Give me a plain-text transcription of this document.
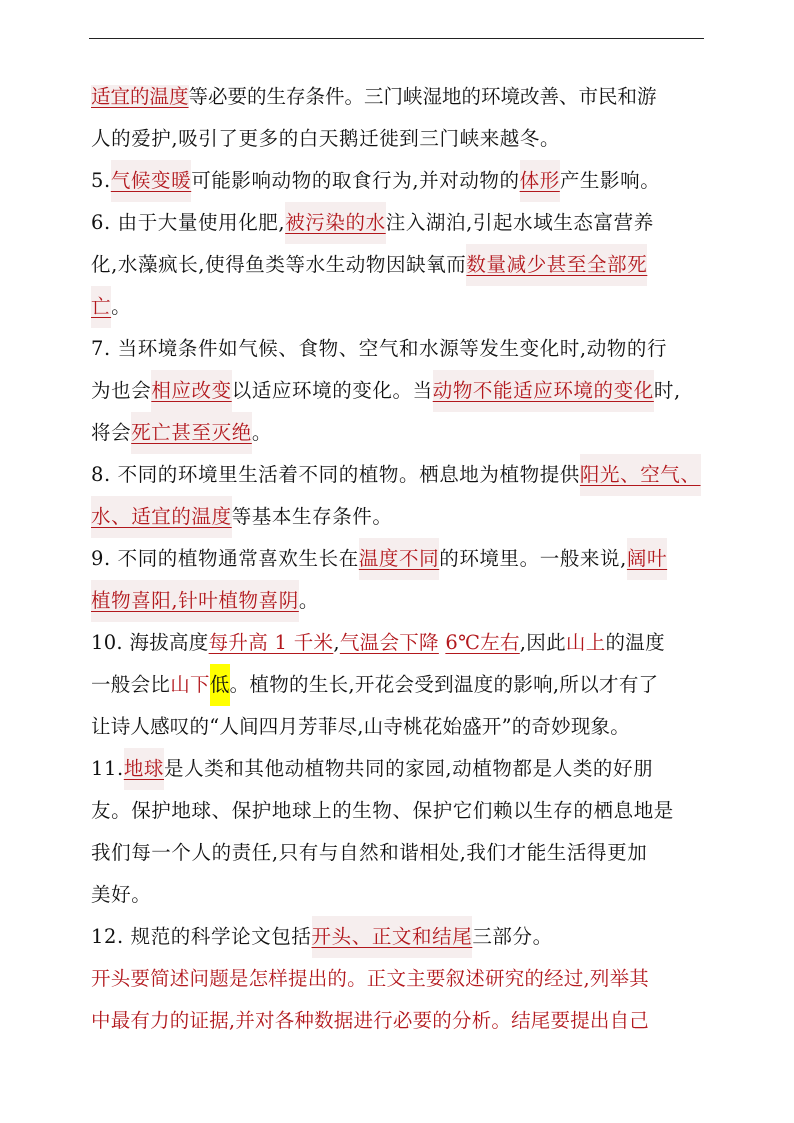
适宜的温度等必要的生存条件。三门峡湿地的环境改善、市民和游
人的爱护,吸引了更多的白天鹅迁徙到三门峡来越冬。
5. 气候变暖 可能影响动物的取食行为,并对动物的 体形 产生影响。
6. 由于大量使用化肥, 被污染的水 注入湖泊,引起水域生态富营养
化,水藻疯长,使得鱼类等水生动物因缺氧而 数量减少甚至全部死
亡 。
7. 当环境条件如气候、食物、空气和水源等发生变化时,动物的行
为也会 相应改变 以适应环境的变化。当 动物不能适应环境的变化 时,
将会 死亡甚至灭绝 。
8. 不同的环境里生活着不同的植物。栖息地为植物提供 阳光、空气、
水、适宜的温度 等基本生存条件。
9. 不同的植物通常喜欢生长在 温度不同 的环境里。一般来说, 阔叶
植物喜阳,针叶植物喜阴 。
10. 海拔高度 每升高 1 千米 , 气温会下降
6℃左右 ,因此 山上 的温度
一般会比 山下 低 。植物的生长,开花会受到温度的影响,所以才有了
让诗人感叹的“人间四月芳菲尽,山寺桃花始盛开”的奇妙现象。
11. 地球 是人类和其他动植物共同的家园,动植物都是人类的好朋
友。保护地球、保护地球上的生物、保护它们赖以生存的栖息地是
我们每一个人的责任,只有与自然和谐相处,我们才能生活得更加
美好。
12. 规范的科学论文包括 开头、正文和结尾 三部分。
开头要简述问题是怎样提出的。正文主要叙述研究的经过,列举其
中最有力的证据,并对各种数据进行必要的分析。结尾要提出自己
